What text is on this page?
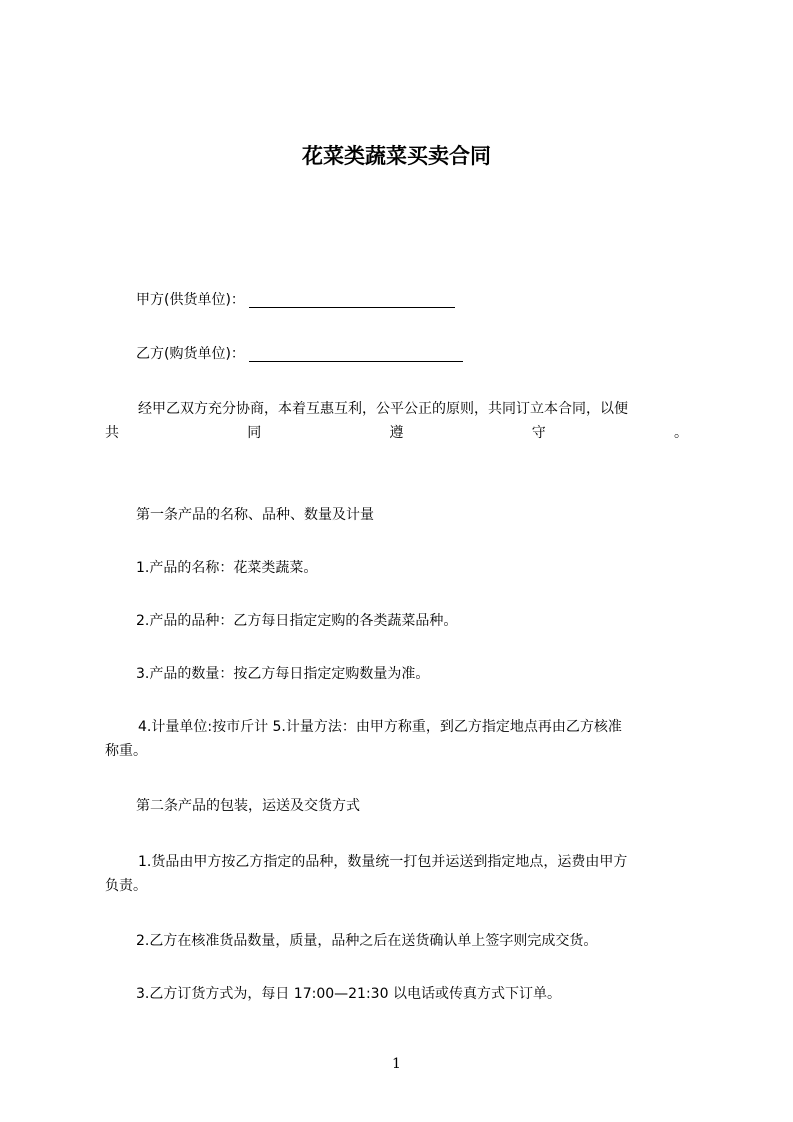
花菜类蔬菜买卖合同
甲方(供货单位)：
乙方(购货单位)：
经甲乙双方充分协商，本着互惠互利，公平公正的原则，共同订立本合同，以便
共	同	遵	守	。
第一条产品的名称、品种、数量及计量
1.产品的名称：花菜类蔬菜。
2.产品的品种：乙方每日指定定购的各类蔬菜品种。
3.产品的数量：按乙方每日指定定购数量为准。
4.计量单位:按市斤计 5.计量方法：由甲方称重，到乙方指定地点再由乙方核准
称重。
第二条产品的包装，运送及交货方式
1.货品由甲方按乙方指定的品种，数量统一打包并运送到指定地点，运费由甲方
负责。
2.乙方在核准货品数量，质量，品种之后在送货确认单上签字则完成交货。
3.乙方订货方式为，每日 17:00—21:30 以电话或传真方式下订单。
1
